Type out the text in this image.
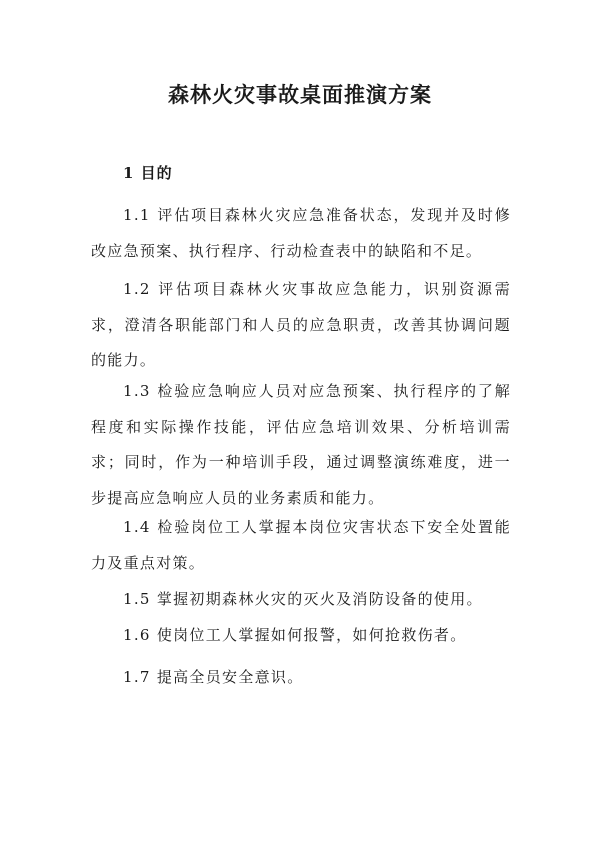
森林火灾事故桌面推演方案
1 目的

1.1 评估项目森林火灾应急准备状态，发现并及时修改应急预案、执行程序、行动检查表中的缺陷和不足。

1.2 评估项目森林火灾事故应急能力，识别资源需求，澄清各职能部门和人员的应急职责，改善其协调问题的能力。

1.3 检验应急响应人员对应急预案、执行程序的了解程度和实际操作技能，评估应急培训效果、分析培训需求；同时，作为一种培训手段，通过调整演练难度，进一步提高应急响应人员的业务素质和能力。

1.4 检验岗位工人掌握本岗位灾害状态下安全处置能力及重点对策。

1.5 掌握初期森林火灾的灭火及消防设备的使用。

1.6 使岗位工人掌握如何报警，如何抢救伤者。

1.7 提高全员安全意识。
